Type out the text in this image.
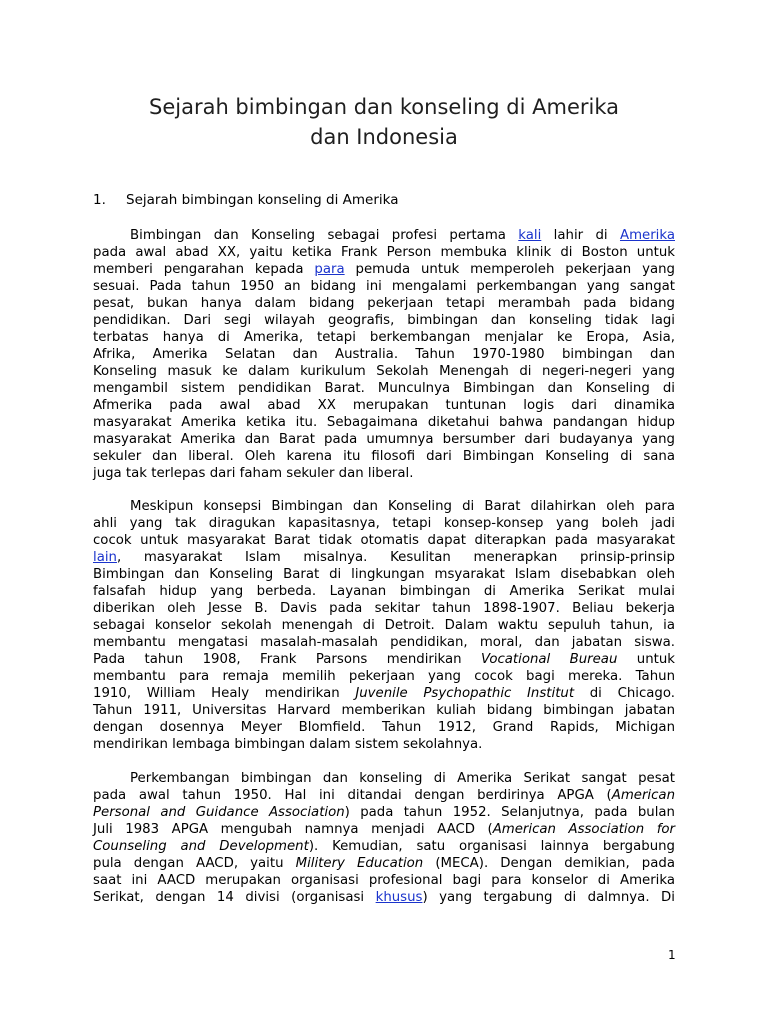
Sejarah bimbingan dan konseling di Amerika
dan Indonesia
1. Sejarah bimbingan konseling di Amerika

Bimbingan dan Konseling sebagai profesi pertama kali lahir di Amerika
pada awal abad XX, yaitu ketika Frank Person membuka klinik di Boston untuk
memberi pengarahan kepada para pemuda untuk memperoleh pekerjaan yang
sesuai. Pada tahun 1950 an bidang ini mengalami perkembangan yang sangat
pesat, bukan hanya dalam bidang pekerjaan tetapi merambah pada bidang
pendidikan. Dari segi wilayah geografis, bimbingan dan konseling tidak lagi
terbatas hanya di Amerika, tetapi berkembangan menjalar ke Eropa, Asia,
Afrika, Amerika Selatan dan Australia. Tahun 1970-1980 bimbingan dan
Konseling masuk ke dalam kurikulum Sekolah Menengah di negeri-negeri yang
mengambil sistem pendidikan Barat. Munculnya Bimbingan dan Konseling di
Afmerika pada awal abad XX merupakan tuntunan logis dari dinamika
masyarakat Amerika ketika itu. Sebagaimana diketahui bahwa pandangan hidup
masyarakat Amerika dan Barat pada umumnya bersumber dari budayanya yang
sekuler dan liberal. Oleh karena itu filosofi dari Bimbingan Konseling di sana
juga tak terlepas dari faham sekuler dan liberal.

Meskipun konsepsi Bimbingan dan Konseling di Barat dilahirkan oleh para
ahli yang tak diragukan kapasitasnya, tetapi konsep-konsep yang boleh jadi
cocok untuk masyarakat Barat tidak otomatis dapat diterapkan pada masyarakat
lain, masyarakat Islam misalnya. Kesulitan menerapkan prinsip-prinsip
Bimbingan dan Konseling Barat di lingkungan msyarakat Islam disebabkan oleh
falsafah hidup yang berbeda. Layanan bimbingan di Amerika Serikat mulai
diberikan oleh Jesse B. Davis pada sekitar tahun 1898-1907. Beliau bekerja
sebagai konselor sekolah menengah di Detroit. Dalam waktu sepuluh tahun, ia
membantu mengatasi masalah-masalah pendidikan, moral, dan jabatan siswa.
Pada tahun 1908, Frank Parsons mendirikan Vocational Bureau untuk
membantu para remaja memilih pekerjaan yang cocok bagi mereka. Tahun
1910, William Healy mendirikan Juvenile Psychopathic Institut di Chicago.
Tahun 1911, Universitas Harvard memberikan kuliah bidang bimbingan jabatan
dengan dosennya Meyer Blomfield. Tahun 1912, Grand Rapids, Michigan
mendirikan lembaga bimbingan dalam sistem sekolahnya.

Perkembangan bimbingan dan konseling di Amerika Serikat sangat pesat
pada awal tahun 1950. Hal ini ditandai dengan berdirinya APGA (American
Personal and Guidance Association) pada tahun 1952. Selanjutnya, pada bulan
Juli 1983 APGA mengubah namnya menjadi AACD (American Association for
Counseling and Development). Kemudian, satu organisasi lainnya bergabung
pula dengan AACD, yaitu Militery Education (MECA). Dengan demikian, pada
saat ini AACD merupakan organisasi profesional bagi para konselor di Amerika
Serikat, dengan 14 divisi (organisasi khusus) yang tergabung di dalmnya. Di

1
